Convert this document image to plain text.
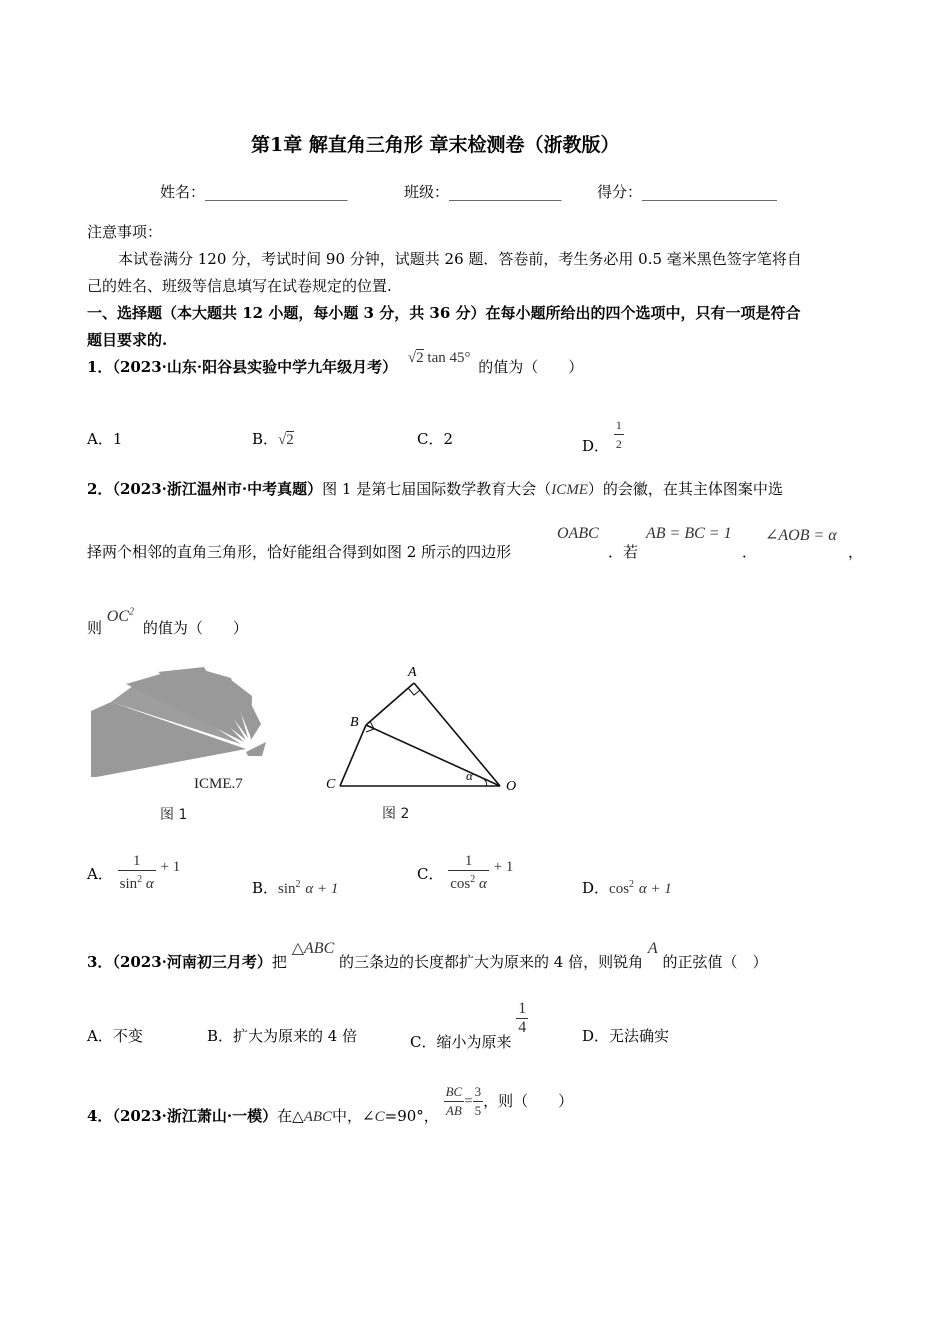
第1章 解直角三角形 章末检测卷（浙教版）
姓名：___________________	班级：_______________ 得分：__________________
注意事项：
本试卷满分 120 分，考试时间 90 分钟，试题共 26 题．答卷前，考生务必用 0.5 毫米黑色签字笔将自
己的姓名、班级等信息填写在试卷规定的位置.
一、选择题（本大题共 12 小题，每小题 3 分，共 36 分）在每小题所给出的四个选项中，只有一项是符合
题目要求的.
1．（2023·山东·阳谷县实验中学九年级月考） √2 tan 45° 的值为（　　）
A．1	B．√2	C．2	D． $\frac{1}{2}$
2．（2023·浙江温州市·中考真题）图 1 是第七届国际数学教育大会（ICME）的会徽，在其主体图案中选
择两个相邻的直角三角形，恰好能组合得到如图 2 所示的四边形
OABC
．若
AB = BC = 1
．
∠AOB = α
，
则 $OC^2$ 的值为（　　）
ICME.7
图 1
A
B
C	O
α
图 2
A． $\frac{1}{\sin^2 \alpha} + 1$
B．$\sin^2 \alpha + 1$
C． $\frac{1}{\cos^2 \alpha} + 1$
D．$\cos^2 \alpha + 1$
3．（2023·河南初三月考）把 △ABC 的三条边的长度都扩大为原来的 4 倍，则锐角 A 的正弦值（　）
A．不变	B．扩大为原来的 4 倍	C．缩小为原来
$\frac{1}{4}$	D．无法确实
4．（2023·浙江萧山·一模）在△ABC中，∠C=90°， $\frac{BC}{AB} = \frac{3}{5}$ ，则（　　）
